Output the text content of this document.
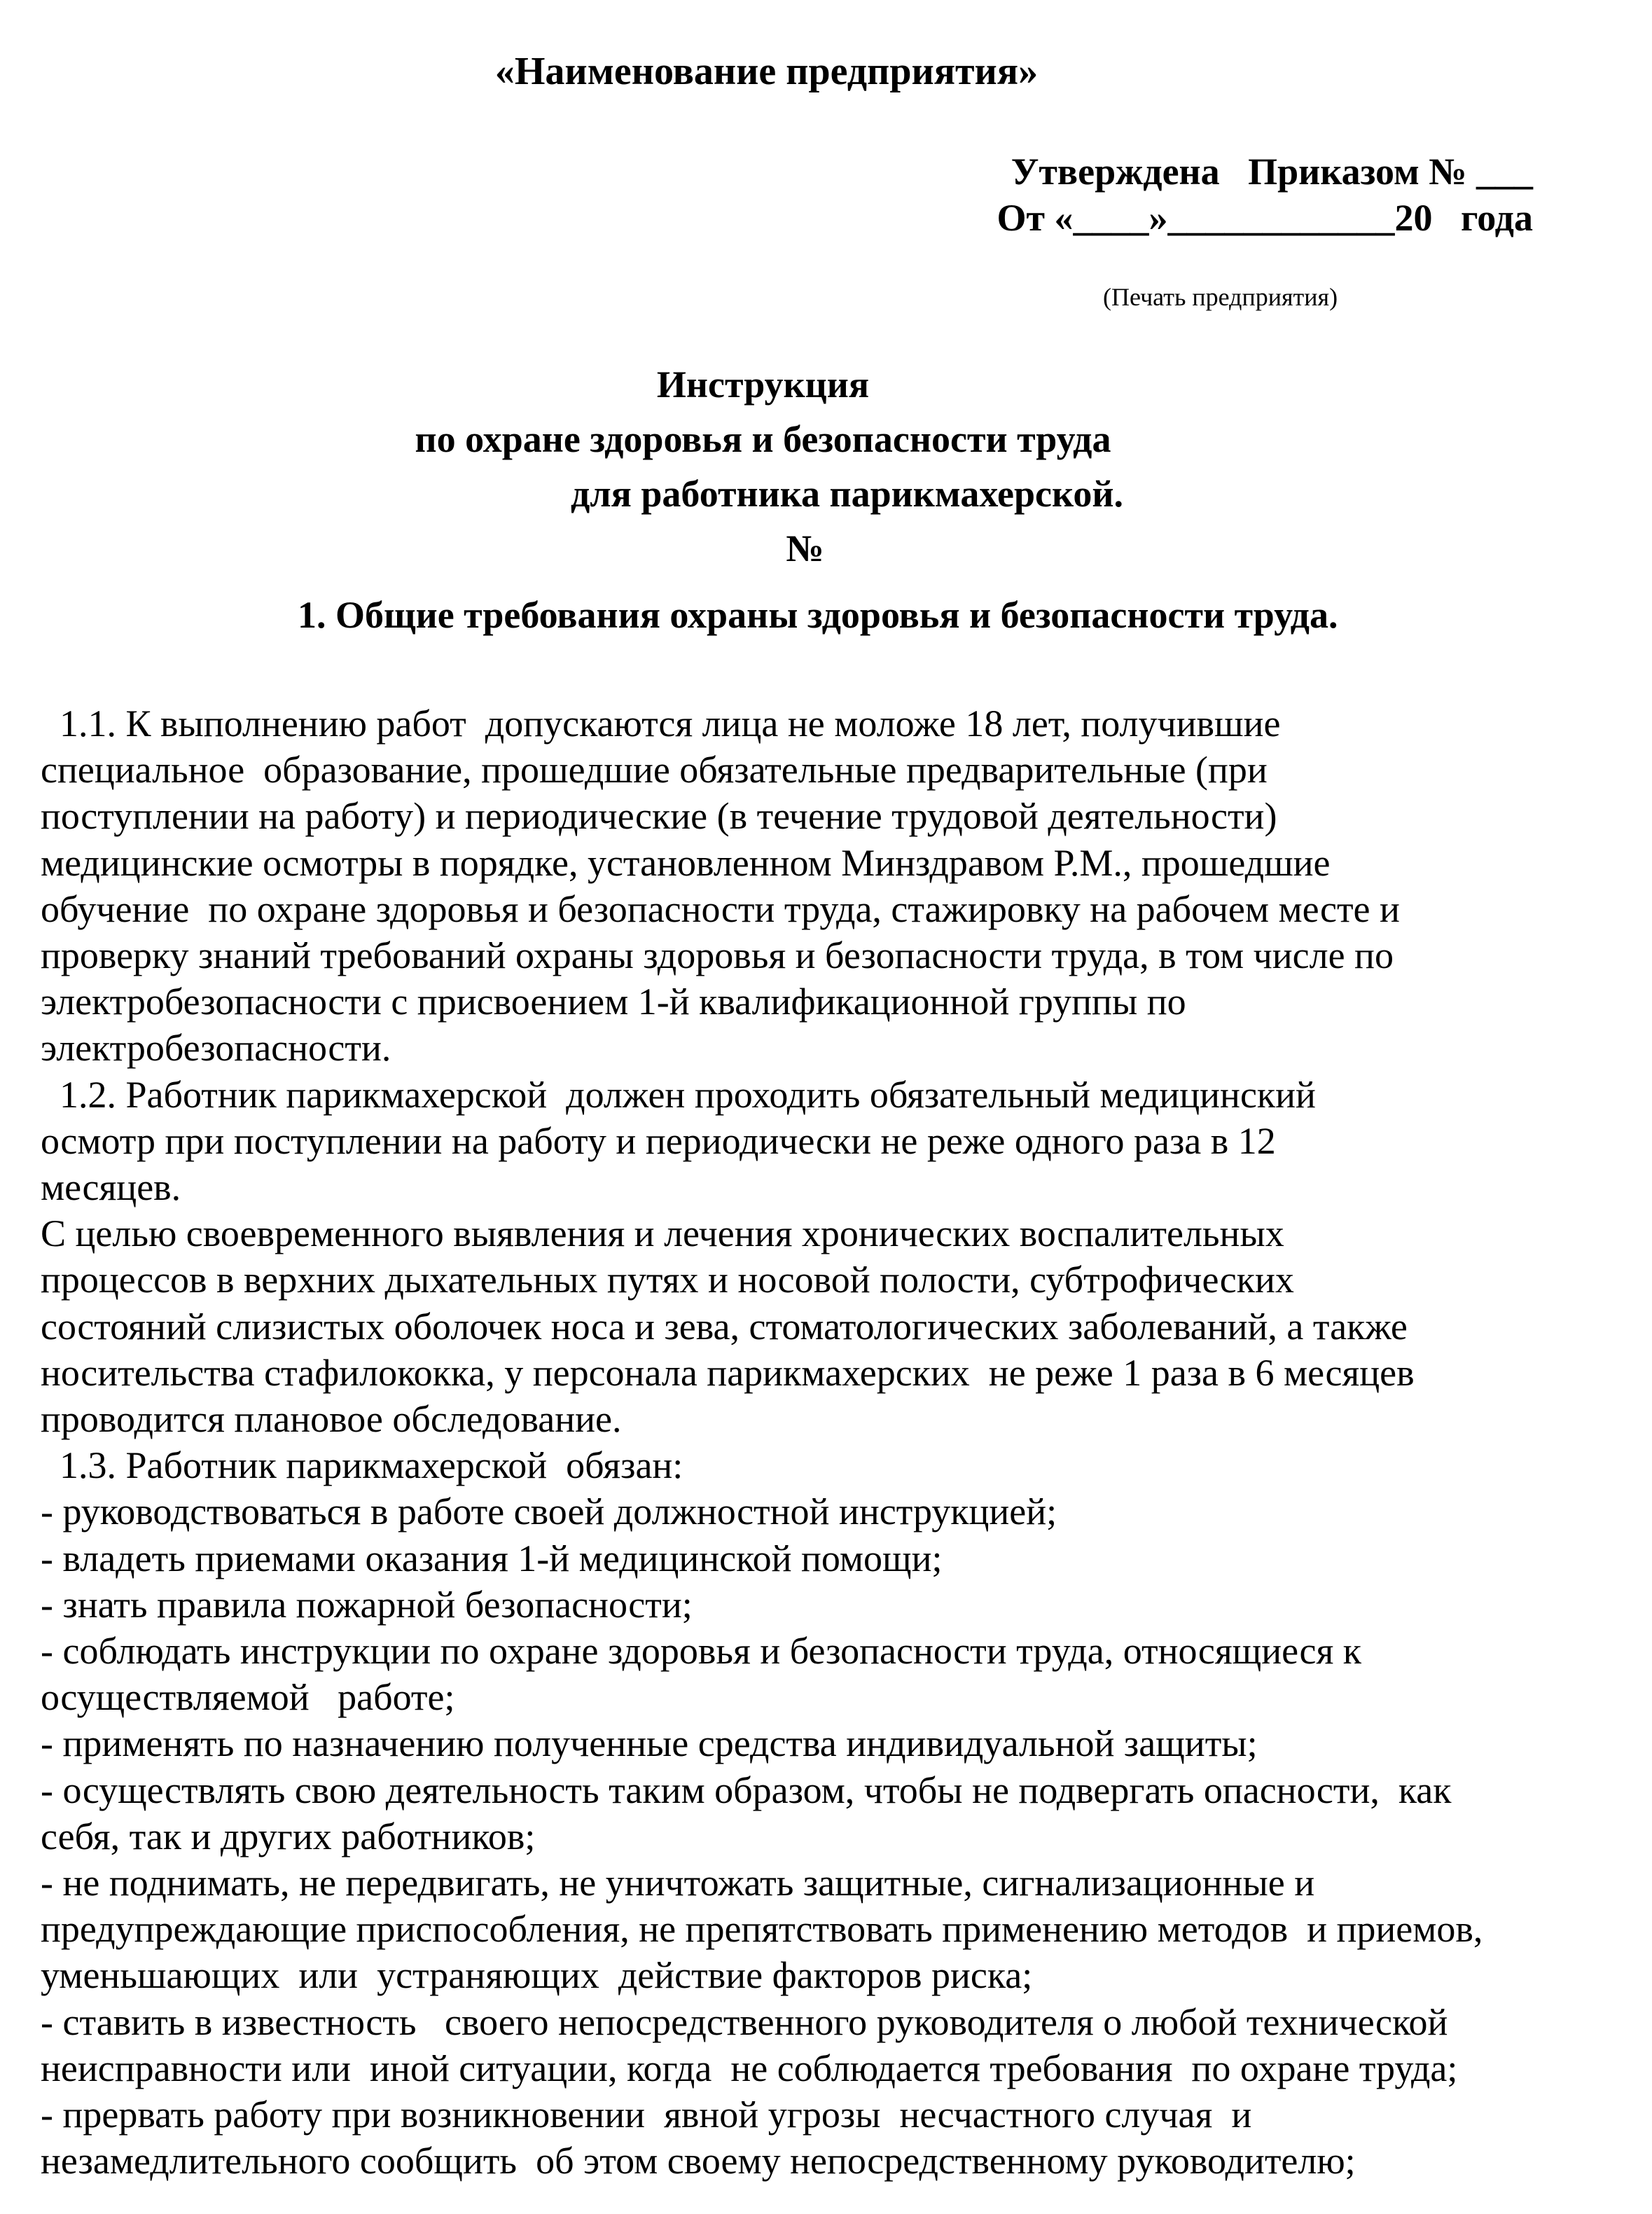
«Наименование предприятия»
Утверждена   Приказом № ___
От «____»____________20   года
(Печать предприятия)
Инструкция
по охране здоровья и безопасности труда
для работника парикмахерской.
№
1. Общие требования охраны здоровья и безопасности труда.
1.1. К выполнению работ  допускаются лица не моложе 18 лет, получившие
специальное  образование, прошедшие обязательные предварительные (при
поступлении на работу) и периодические (в течение трудовой деятельности)
медицинские осмотры в порядке, установленном Минздравом Р.М., прошедшие
обучение  по охране здоровья и безопасности труда, стажировку на рабочем месте и
проверку знаний требований охраны здоровья и безопасности труда, в том числе по
электробезопасности с присвоением 1-й квалификационной группы по
электробезопасности.
1.2. Работник парикмахерской  должен проходить обязательный медицинский
осмотр при поступлении на работу и периодически не реже одного раза в 12
месяцев.
С целью своевременного выявления и лечения хронических воспалительных
процессов в верхних дыхательных путях и носовой полости, субтрофических
состояний слизистых оболочек носа и зева, стоматологических заболеваний, а также
носительства стафилококка, у персонала парикмахерских  не реже 1 раза в 6 месяцев
проводится плановое обследование.
1.3. Работник парикмахерской  обязан:
- руководствоваться в работе своей должностной инструкцией;
- владеть приемами оказания 1-й медицинской помощи;
- знать правила пожарной безопасности;
- соблюдать инструкции по охране здоровья и безопасности труда, относящиеся к
осуществляемой   работе;
- применять по назначению полученные средства индивидуальной защиты;
- осуществлять свою деятельность таким образом, чтобы не подвергать опасности,  как
себя, так и других работников;
- не поднимать, не передвигать, не уничтожать защитные, сигнализационные и
предупреждающие приспособления, не препятствовать применению методов  и приемов,
уменьшающих  или  устраняющих  действие факторов риска;
- ставить в известность   своего непосредственного руководителя о любой технической
неисправности или  иной ситуации, когда  не соблюдается требования  по охране труда;
- прервать работу при возникновении  явной угрозы  несчастного случая  и
незамедлительного сообщить  об этом своему непосредственному руководителю;
